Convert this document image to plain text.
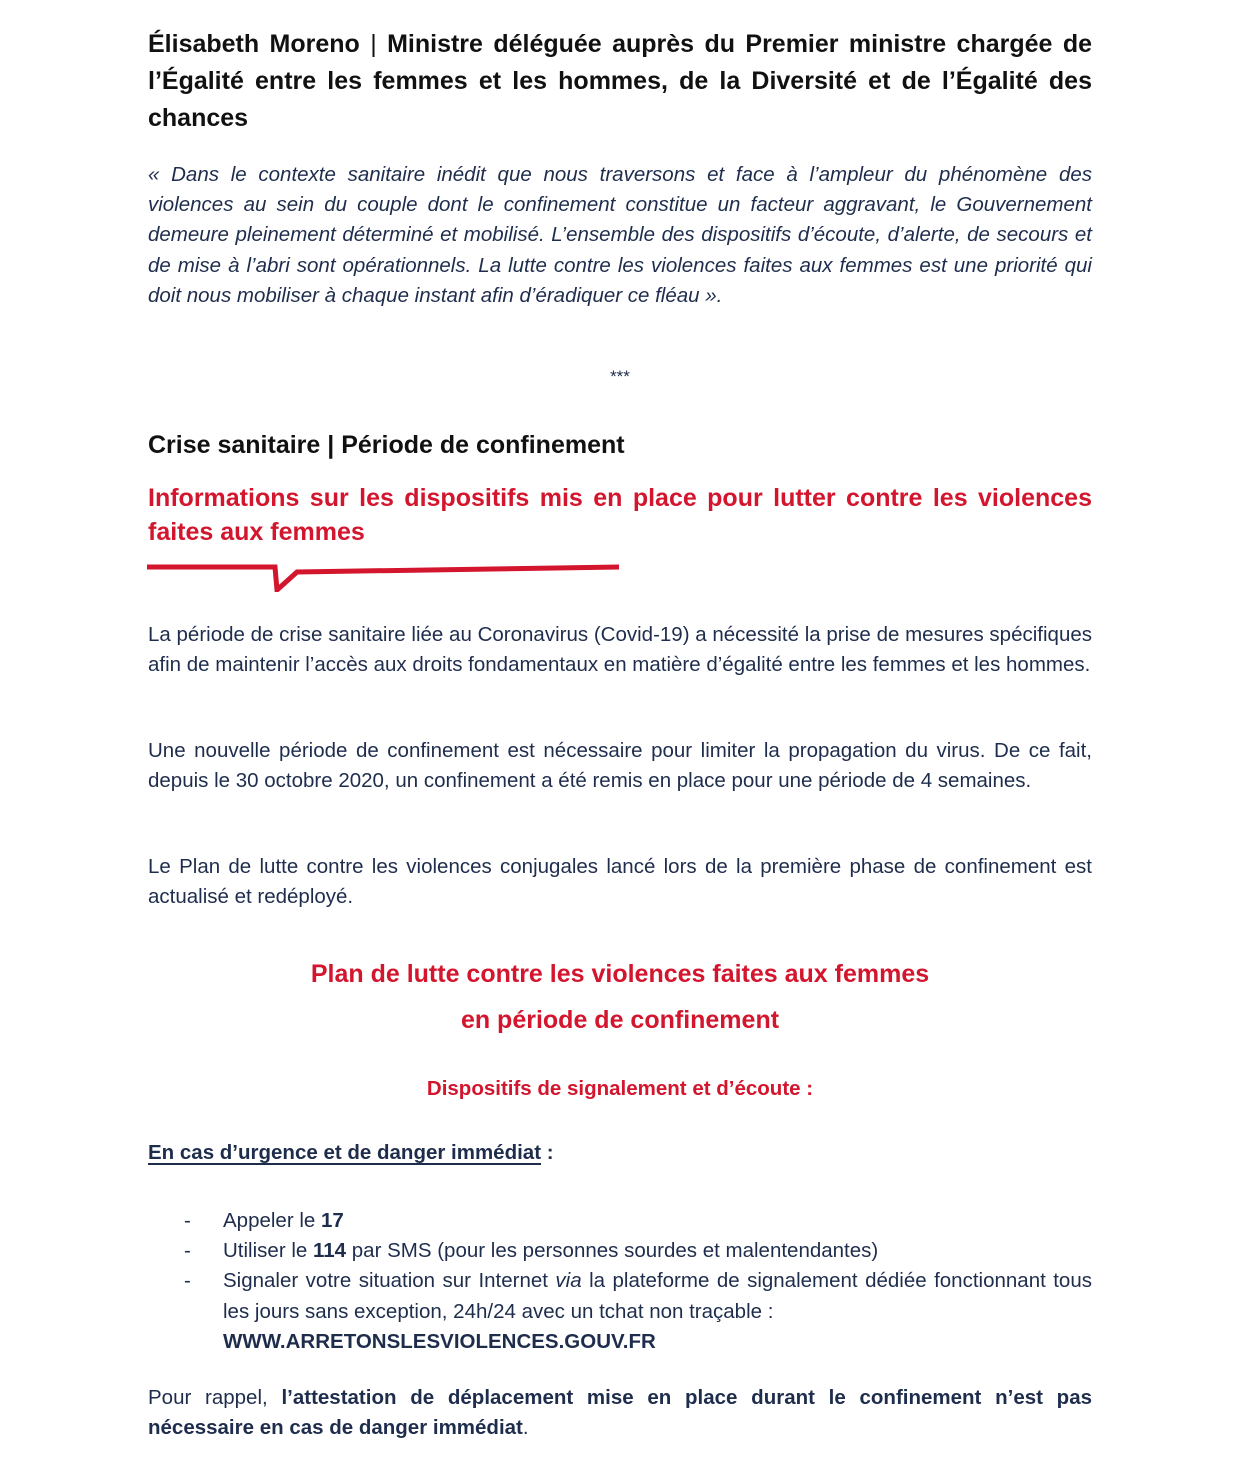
Élisabeth Moreno | Ministre déléguée auprès du Premier ministre chargée de l’Égalité entre les femmes et les hommes, de la Diversité et de l’Égalité des chances
« Dans le contexte sanitaire inédit que nous traversons et face à l’ampleur du phénomène des violences au sein du couple dont le confinement constitue un facteur aggravant, le Gouvernement demeure pleinement déterminé et mobilisé. L’ensemble des dispositifs d’écoute, d’alerte, de secours et de mise à l’abri sont opérationnels. La lutte contre les violences faites aux femmes est une priorité qui doit nous mobiliser à chaque instant afin d’éradiquer ce fléau ».
***
Crise sanitaire | Période de confinement
Informations sur les dispositifs mis en place pour lutter contre les violences faites aux femmes
La période de crise sanitaire liée au Coronavirus (Covid-19) a nécessité la prise de mesures spécifiques afin de maintenir l’accès aux droits fondamentaux en matière d’égalité entre les femmes et les hommes.
Une nouvelle période de confinement est nécessaire pour limiter la propagation du virus. De ce fait, depuis le 30 octobre 2020, un confinement a été remis en place pour une période de 4 semaines.
Le Plan de lutte contre les violences conjugales lancé lors de la première phase de confinement est actualisé et redéployé.
Plan de lutte contre les violences faites aux femmes
en période de confinement
Dispositifs de signalement et d’écoute :
En cas d’urgence et de danger immédiat :
- Appeler le 17
- Utiliser le 114 par SMS (pour les personnes sourdes et malentendantes)
- Signaler votre situation sur Internet via la plateforme de signalement dédiée fonctionnant tous les jours sans exception, 24h/24 avec un tchat non traçable :
WWW.ARRETONSLESVIOLENCES.GOUV.FR
Pour rappel, l’attestation de déplacement mise en place durant le confinement n’est pas nécessaire en cas de danger immédiat.
